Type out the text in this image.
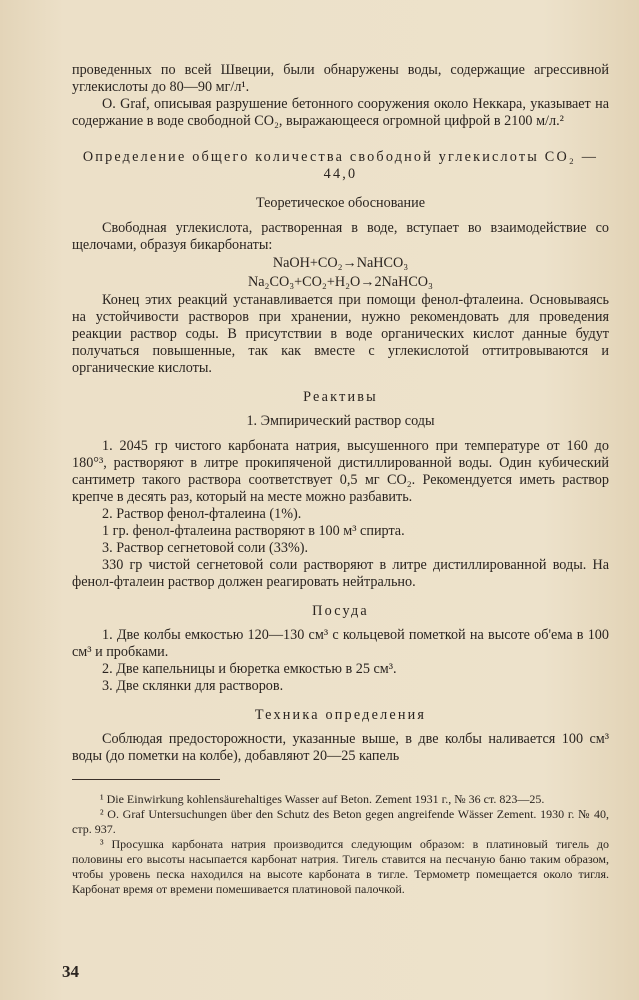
проведенных по всей Швеции, были обнаружены воды, содержащие агрессивной углекислоты до 80—90 мг/л¹.

О. Graf, описывая разрушение бетонного сооружения около Неккара, указывает на содержание в воде свободной СО₂, выражающееся огромной цифрой в 2100 м/л.²

Определение общего количества свободной углекислоты СО₂ — 44,0

Теоретическое обоснование

Свободная углекислота, растворенная в воде, вступает во взаимодействие со щелочами, образуя бикарбонаты:

NaOH+CO₂→NaHCO₃

Na₂CO₃+CO₂+H₂O→2NaHCO₃

Конец этих реакций устанавливается при помощи фенол-фталеина. Основываясь на устойчивости растворов при хранении, нужно рекомендовать для проведения реакции раствор соды. В присутствии в воде органических кислот данные будут получаться повышенные, так как вместе с углекислотой оттитровываются и органические кислоты.

Реактивы

1. Эмпирический раствор соды

1. 2045 гр чистого карбоната натрия, высушенного при температуре от 160 до 180°³, растворяют в литре прокипяченой дистиллированной воды. Один кубический сантиметр такого раствора соответствует 0,5 мг СО₂. Рекомендуется иметь раствор крепче в десять раз, который на месте можно разбавить.

2. Раствор фенол-фталеина (1%).

1 гр. фенол-фталеина растворяют в 100 м³ спирта.

3. Раствор сегнетовой соли (33%).

330 гр чистой сегнетовой соли растворяют в литре дистиллированной воды. На фенол-фталеин раствор должен реагировать нейтрально.

Посуда

1. Две колбы емкостью 120—130 см³ с кольцевой пометкой на высоте об'ема в 100 см³ и пробками.

2. Две капельницы и бюретка емкостью в 25 см³.

3. Две склянки для растворов.

Техника определения

Соблюдая предосторожности, указанные выше, в две колбы наливается 100 см³ воды (до пометки на колбе), добавляют 20—25 капель

¹ Die Einwirkung kohlensäurehaltiges Wasser auf Beton. Zement 1931 г., № 36 ст. 823—25.

² O. Graf Untersuchungen über den Schutz des Beton gegen angreifende Wässer Zement. 1930 г. № 40, стр. 937.

³ Просушка карбоната натрия производится следующим образом: в платиновый тигель до половины его высоты насыпается карбонат натрия. Тигель ставится на песчаную баню таким образом, чтобы уровень песка находился на высоте карбоната в тигле. Термометр помещается около тигля. Карбонат время от времени помешивается платиновой палочкой.

34
